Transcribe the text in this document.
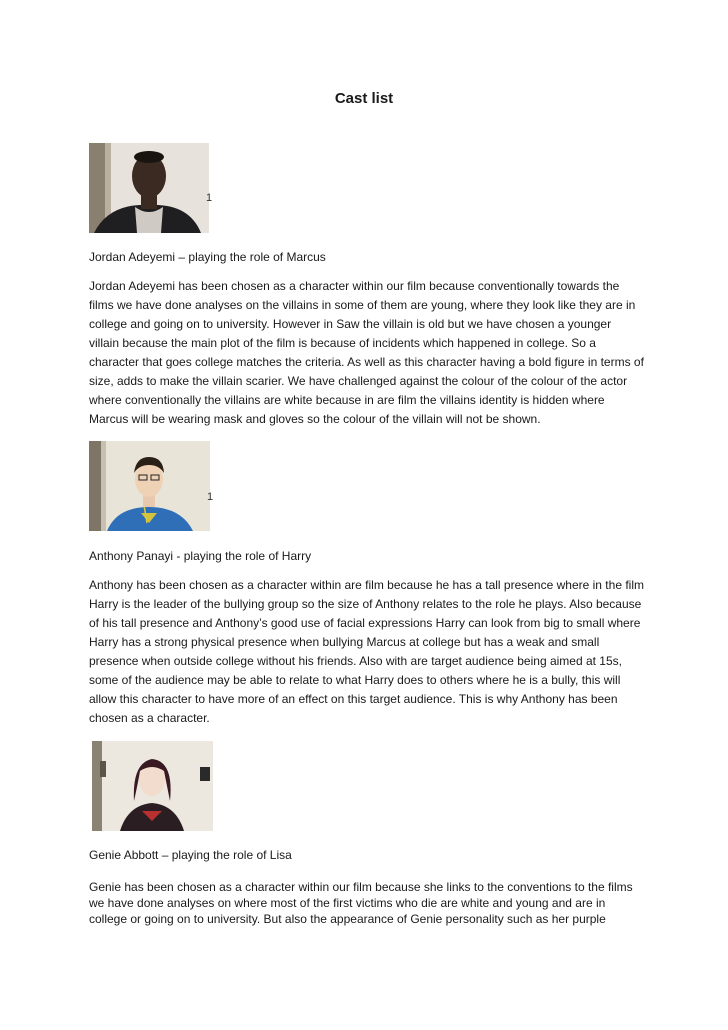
Cast list
1
Jordan Adeyemi – playing the role of Marcus
Jordan Adeyemi has been chosen as a character within our film because conventionally towards the films we have done analyses on the villains in some of them are young, where they look like they are in college and going on to university. However in Saw the villain is old but we have chosen a younger villain because the main plot of the film is because of incidents which happened in college. So a character that goes college matches the criteria. As well as this character having a bold figure in terms of size, adds to make the villain scarier. We have challenged against the colour of the colour of the actor where conventionally the villains are white because in are film the villains identity is hidden where Marcus will be wearing mask and gloves so the colour of the villain will not be shown.
1
Anthony Panayi - playing the role of Harry
Anthony has been chosen as a character within are film because he has a tall presence where in the film Harry is the leader of the bullying group so the size of Anthony relates to the role he plays. Also because of his tall presence and Anthony’s good use of facial expressions Harry can look from big to small where Harry has a strong physical presence when bullying Marcus at college but has a weak and small presence when outside college without his friends. Also with are target audience being aimed at 15s, some of the audience may be able to relate to what Harry does to others where he is a bully, this will allow this character to have more of an effect on this target audience. This is why Anthony has been chosen as a character.
Genie Abbott – playing the role of Lisa
Genie has been chosen as a character within our film because she links to the conventions to the films we have done analyses on where most of the first victims who die are white and young and are in college or going on to university. But also the appearance of Genie personality such as her purple
